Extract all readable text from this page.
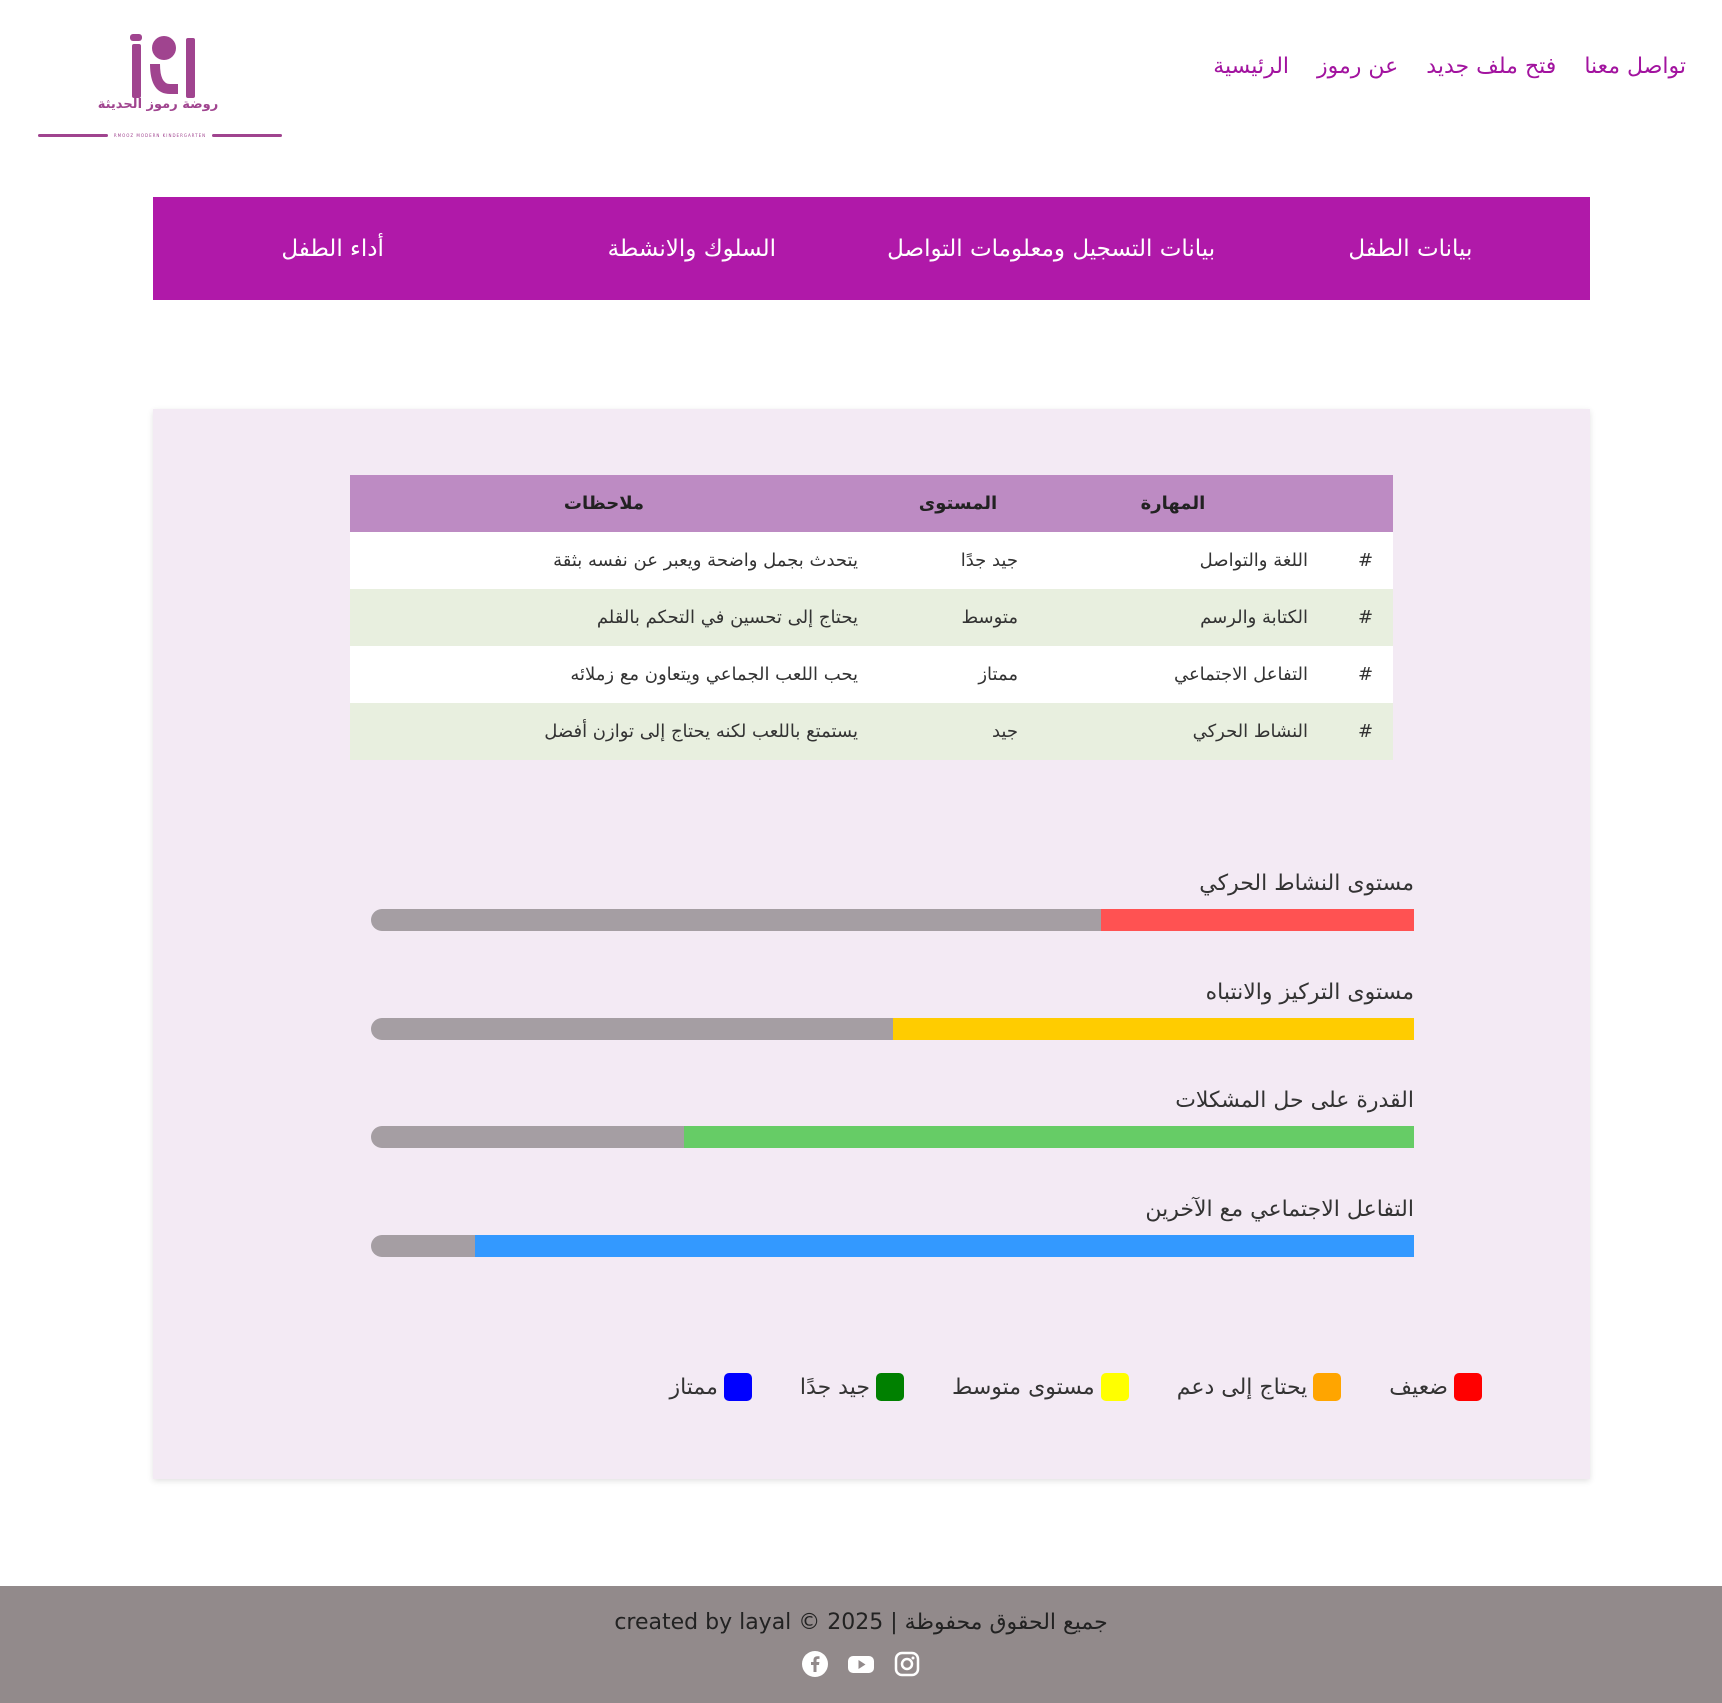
روضة رموز الحديثة
RMOOZ MODERN KINDERGARTEN
الرئيسية عن رموز فتح ملف جديد تواصل معنا
بيانات الطفل
بيانات التسجيل ومعلومات التواصل
السلوك والانشطة
أداء الطفل
	المهارة	المستوى	ملاحظات
#	اللغة والتواصل	جيد جدًا	يتحدث بجمل واضحة ويعبر عن نفسه بثقة
#	الكتابة والرسم	متوسط	يحتاج إلى تحسين في التحكم بالقلم
#	التفاعل الاجتماعي	ممتاز	يحب اللعب الجماعي ويتعاون مع زملائه
#	النشاط الحركي	جيد	يستمتع باللعب لكنه يحتاج إلى توازن أفضل
مستوى النشاط الحركي
مستوى التركيز والانتباه
القدرة على حل المشكلات
التفاعل الاجتماعي مع الآخرين
ممتاز	جيد جدًا	مستوى متوسط	يحتاج إلى دعم	ضعيف
جميع الحقوق محفوظة | created by layal © 2025
